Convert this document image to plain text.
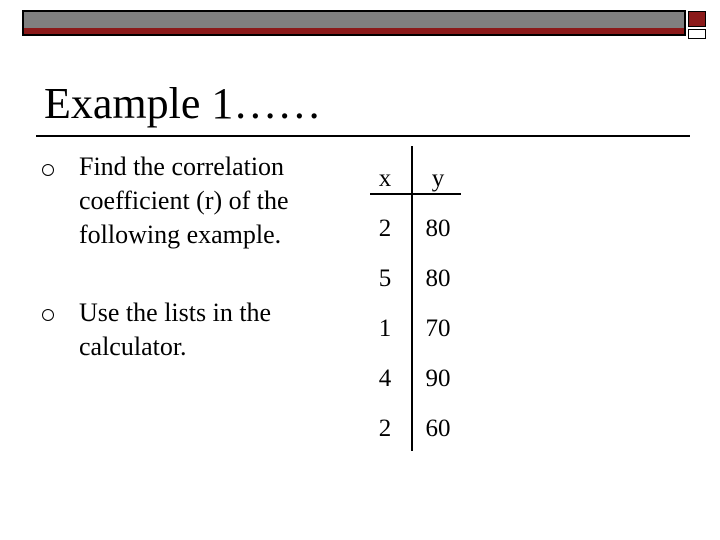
Example 1……
Find the correlation coefficient (r) of the following example.
Use the lists in the calculator.
x	y
2	80
5	80
1	70
4	90
2	60
